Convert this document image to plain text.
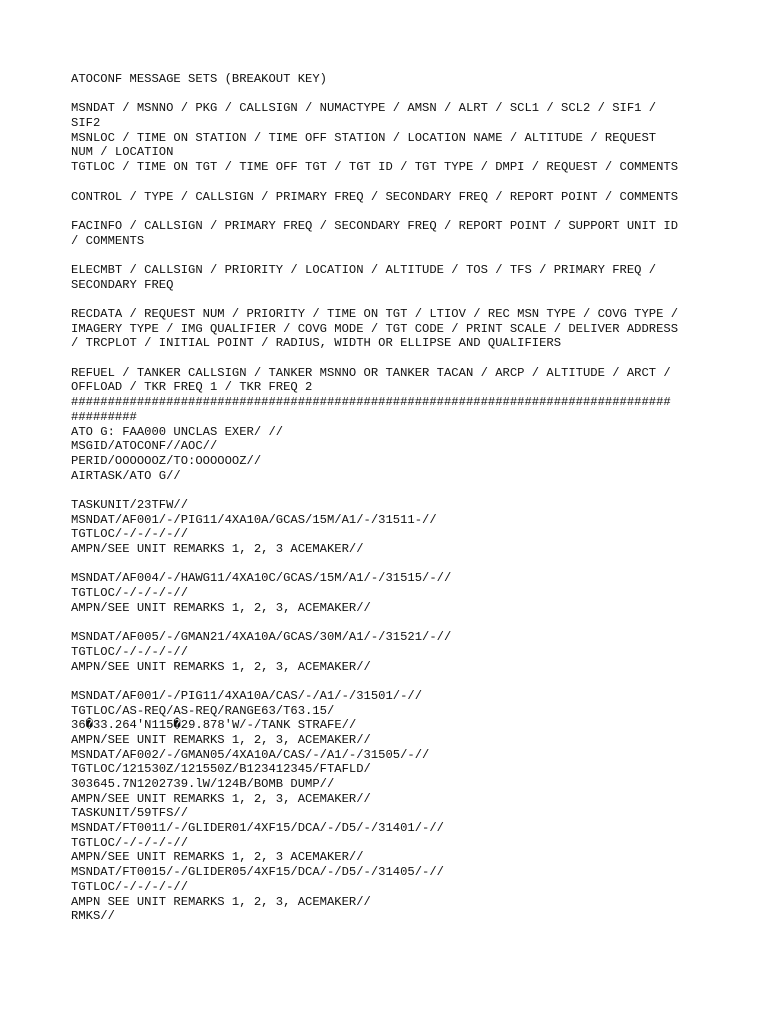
ATOCONF MESSAGE SETS (BREAKOUT KEY)
MSNDAT / MSNNO / PKG / CALLSIGN / NUMACTYPE / AMSN / ALRT / SCL1 / SCL2 / SIF1 /
SIF2
MSNLOC / TIME ON STATION / TIME OFF STATION / LOCATION NAME / ALTITUDE / REQUEST
NUM / LOCATION
TGTLOC / TIME ON TGT / TIME OFF TGT / TGT ID / TGT TYPE / DMPI / REQUEST / COMMENTS
CONTROL / TYPE / CALLSIGN / PRIMARY FREQ / SECONDARY FREQ / REPORT POINT / COMMENTS
FACINFO / CALLSIGN / PRIMARY FREQ / SECONDARY FREQ / REPORT POINT / SUPPORT UNIT ID
/ COMMENTS
ELECMBT / CALLSIGN / PRIORITY / LOCATION / ALTITUDE / TOS / TFS / PRIMARY FREQ /
SECONDARY FREQ
RECDATA / REQUEST NUM / PRIORITY / TIME ON TGT / LTIOV / REC MSN TYPE / COVG TYPE /
IMAGERY TYPE / IMG QUALIFIER / COVG MODE / TGT CODE / PRINT SCALE / DELIVER ADDRESS
/ TRCPLOT / INITIAL POINT / RADIUS, WIDTH OR ELLIPSE AND QUALIFIERS
REFUEL / TANKER CALLSIGN / TANKER MSNNO OR TANKER TACAN / ARCP / ALTITUDE / ARCT /
OFFLOAD / TKR FREQ 1 / TKR FREQ 2
##################################################################################
#########
ATO G: FAA000 UNCLAS EXER/ //
MSGID/ATOCONF//AOC//
PERID/OOOOOOZ/TO:OOOOOOZ//
AIRTASK/ATO G//
TASKUNIT/23TFW//
MSNDAT/AF001/-/PIG11/4XA10A/GCAS/15M/A1/-/31511-//
TGTLOC/-/-/-/-//
AMPN/SEE UNIT REMARKS 1, 2, 3 ACEMAKER//
MSNDAT/AF004/-/HAWG11/4XA10C/GCAS/15M/A1/-/31515/-//
TGTLOC/-/-/-/-//
AMPN/SEE UNIT REMARKS 1, 2, 3, ACEMAKER//
MSNDAT/AF005/-/GMAN21/4XA10A/GCAS/30M/A1/-/31521/-//
TGTLOC/-/-/-/-//
AMPN/SEE UNIT REMARKS 1, 2, 3, ACEMAKER//
MSNDAT/AF001/-/PIG11/4XA10A/CAS/-/A1/-/31501/-//
TGTLOC/AS-REQ/AS-REQ/RANGE63/T63.15/
36�33.264'N115�29.878'W/-/TANK STRAFE//
AMPN/SEE UNIT REMARKS 1, 2, 3, ACEMAKER//
MSNDAT/AF002/-/GMAN05/4XA10A/CAS/-/A1/-/31505/-//
TGTLOC/121530Z/121550Z/B123412345/FTAFLD/
303645.7N1202739.lW/124B/BOMB DUMP//
AMPN/SEE UNIT REMARKS 1, 2, 3, ACEMAKER//
TASKUNIT/59TFS//
MSNDAT/FT0011/-/GLIDER01/4XF15/DCA/-/D5/-/31401/-//
TGTLOC/-/-/-/-//
AMPN/SEE UNIT REMARKS 1, 2, 3 ACEMAKER//
MSNDAT/FT0015/-/GLIDER05/4XF15/DCA/-/D5/-/31405/-//
TGTLOC/-/-/-/-//
AMPN SEE UNIT REMARKS 1, 2, 3, ACEMAKER//
RMKS//
